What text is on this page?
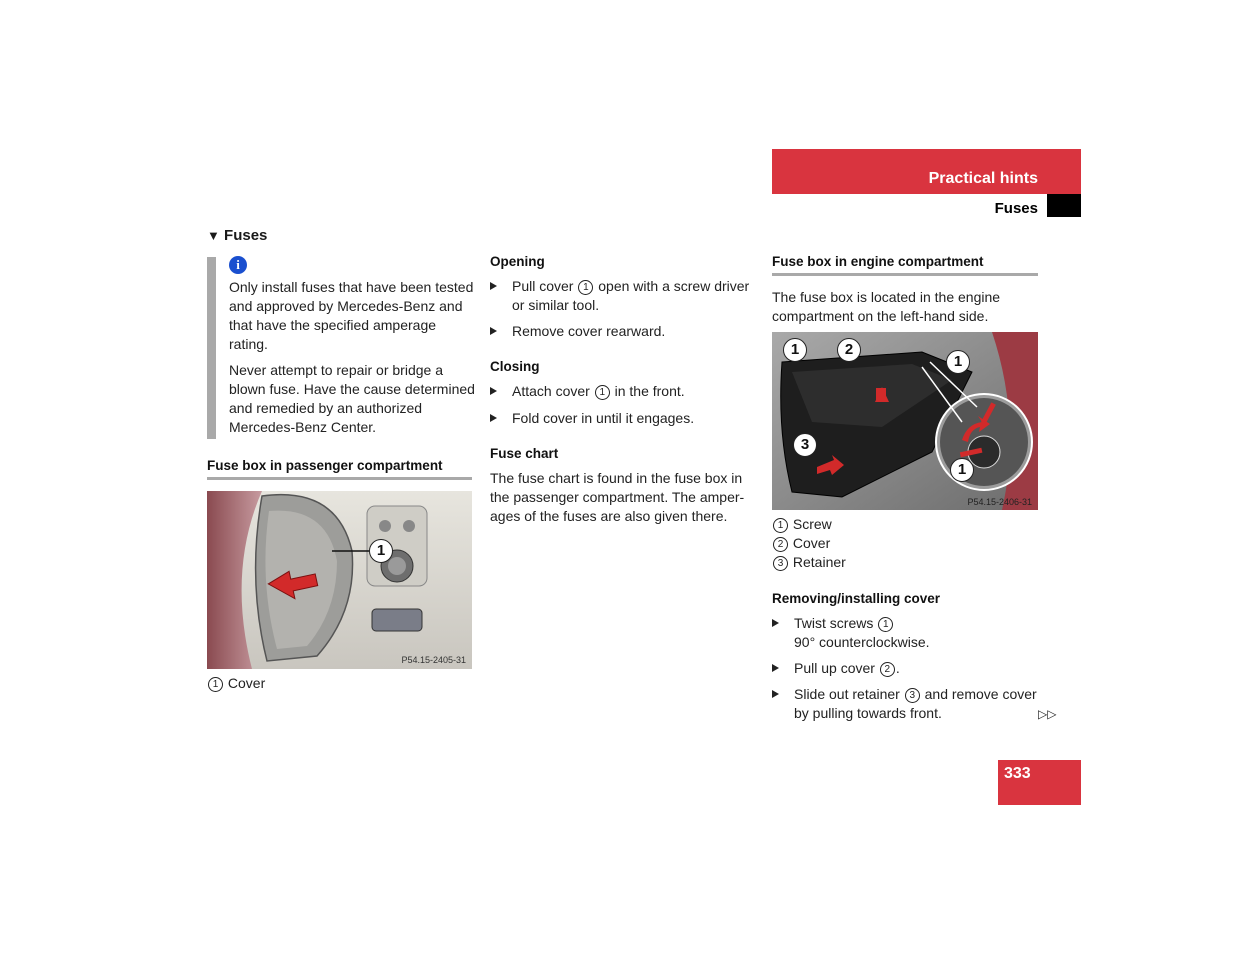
Practical hints
Fuses
▼ Fuses
i

Only install fuses that have been tested and approved by Mercedes-Benz and that have the specified amperage rating.

Never attempt to repair or bridge a blown fuse. Have the cause determined and remedied by an authorized Mercedes-Benz Center.

Fuse box in passenger compartment
1
P54.15-2405-31
1 Cover
Opening
Pull cover 1 open with a screw driver or similar tool.
Remove cover rearward.
Closing
Attach cover 1 in the front.
Fold cover in until it engages.
Fuse chart
The fuse chart is found in the fuse box in the passenger compartment. The amper-ages of the fuses are also given there.
Fuse box in engine compartment
The fuse box is located in the engine compartment on the left-hand side.
1	2
1
3
1
P54.15-2406-31
1 Screw
2 Cover
3 Retainer
Removing/installing cover
Twist screws 1
90° counterclockwise.
Pull up cover 2 .
Slide out retainer 3 and remove cover by pulling towards front.	▷▷
333
